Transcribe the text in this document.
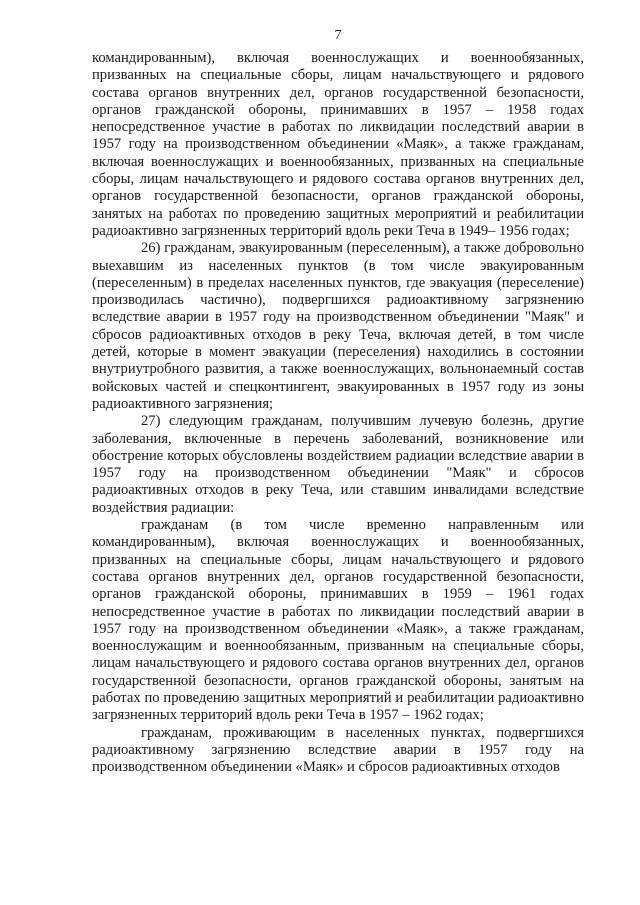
7

командированным), включая военнослужащих и военнообязанных, призванных на специальные сборы, лицам начальствующего и рядового состава органов внутренних дел, органов государственной безопасности, органов гражданской обороны, принимавших в 1957 – 1958 годах непосредственное участие в работах по ликвидации последствий аварии в 1957 году на производственном объединении «Маяк», а также гражданам, включая военнослужащих и военнообязанных, призванных на специальные сборы, лицам начальствующего и рядового состава органов внутренних дел, органов государственной безопасности, органов гражданской обороны, занятых на работах по проведению защитных мероприятий и реабилитации радиоактивно загрязненных территорий вдоль реки Теча в 1949– 1956 годах;

26) гражданам, эвакуированным (переселенным), а также добровольно выехавшим из населенных пунктов (в том числе эвакуированным (переселенным) в пределах населенных пунктов, где эвакуация (переселение) производилась частично), подвергшихся радиоактивному загрязнению вследствие аварии в 1957 году на производственном объединении "Маяк" и сбросов радиоактивных отходов в реку Теча, включая детей, в том числе детей, которые в момент эвакуации (переселения) находились в состоянии внутриутробного развития, а также военнослужащих, вольнонаемный состав войсковых частей и спецконтингент, эвакуированных в 1957 году из зоны радиоактивного загрязнения;

27) следующим гражданам, получившим лучевую болезнь, другие заболевания, включенные в перечень заболеваний, возникновение или обострение которых обусловлены воздействием радиации вследствие аварии в 1957 году на производственном объединении "Маяк" и сбросов радиоактивных отходов в реку Теча, или ставшим инвалидами вследствие воздействия радиации:

гражданам (в том числе временно направленным или командированным), включая военнослужащих и военнообязанных, призванных на специальные сборы, лицам начальствующего и рядового состава органов внутренних дел, органов государственной безопасности, органов гражданской обороны, принимавших в 1959 – 1961 годах непосредственное участие в работах по ликвидации последствий аварии в 1957 году на производственном объединении «Маяк», а также гражданам, военнослужащим и военнообязанным, призванным на специальные сборы, лицам начальствующего и рядового состава органов внутренних дел, органов государственной безопасности, органов гражданской обороны, занятым на работах по проведению защитных мероприятий и реабилитации радиоактивно загрязненных территорий вдоль реки Теча в 1957 – 1962 годах;

гражданам, проживающим в населенных пунктах, подвергшихся радиоактивному загрязнению вследствие аварии в 1957 году на производственном объединении «Маяк» и сбросов радиоактивных отходов
